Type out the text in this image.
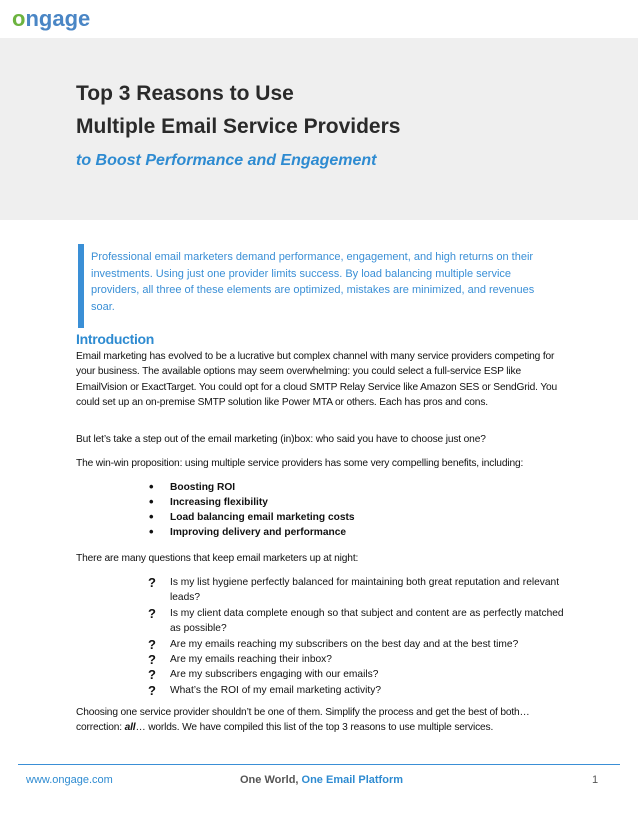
ongage
Top 3 Reasons to Use
Multiple Email Service Providers
to Boost Performance and Engagement
Professional email marketers demand performance, engagement, and high returns on their investments. Using just one provider limits success. By load balancing multiple service providers, all three of these elements are optimized, mistakes are minimized, and revenues soar.
Introduction
Email marketing has evolved to be a lucrative but complex channel with many service providers competing for your business. The available options may seem overwhelming: you could select a full-service ESP like EmailVision or ExactTarget. You could opt for a cloud SMTP Relay Service like Amazon SES or SendGrid. You could set up an on-premise SMTP solution like Power MTA or others. Each has pros and cons.
But let’s take a step out of the email marketing (in)box: who said you have to choose just one?
The win-win proposition: using multiple service providers has some very compelling benefits, including:
• Boosting ROI
• Increasing flexibility
• Load balancing email marketing costs
• Improving delivery and performance
There are many questions that keep email marketers up at night:
? Is my list hygiene perfectly balanced for maintaining both great reputation and relevant leads?
? Is my client data complete enough so that subject and content are as perfectly matched as possible?
? Are my emails reaching my subscribers on the best day and at the best time?
? Are my emails reaching their inbox?
? Are my subscribers engaging with our emails?
? What’s the ROI of my email marketing activity?
Choosing one service provider shouldn’t be one of them. Simplify the process and get the best of both…correction: all… worlds. We have compiled this list of the top 3 reasons to use multiple services.
www.ongage.com	One World, One Email Platform	1
